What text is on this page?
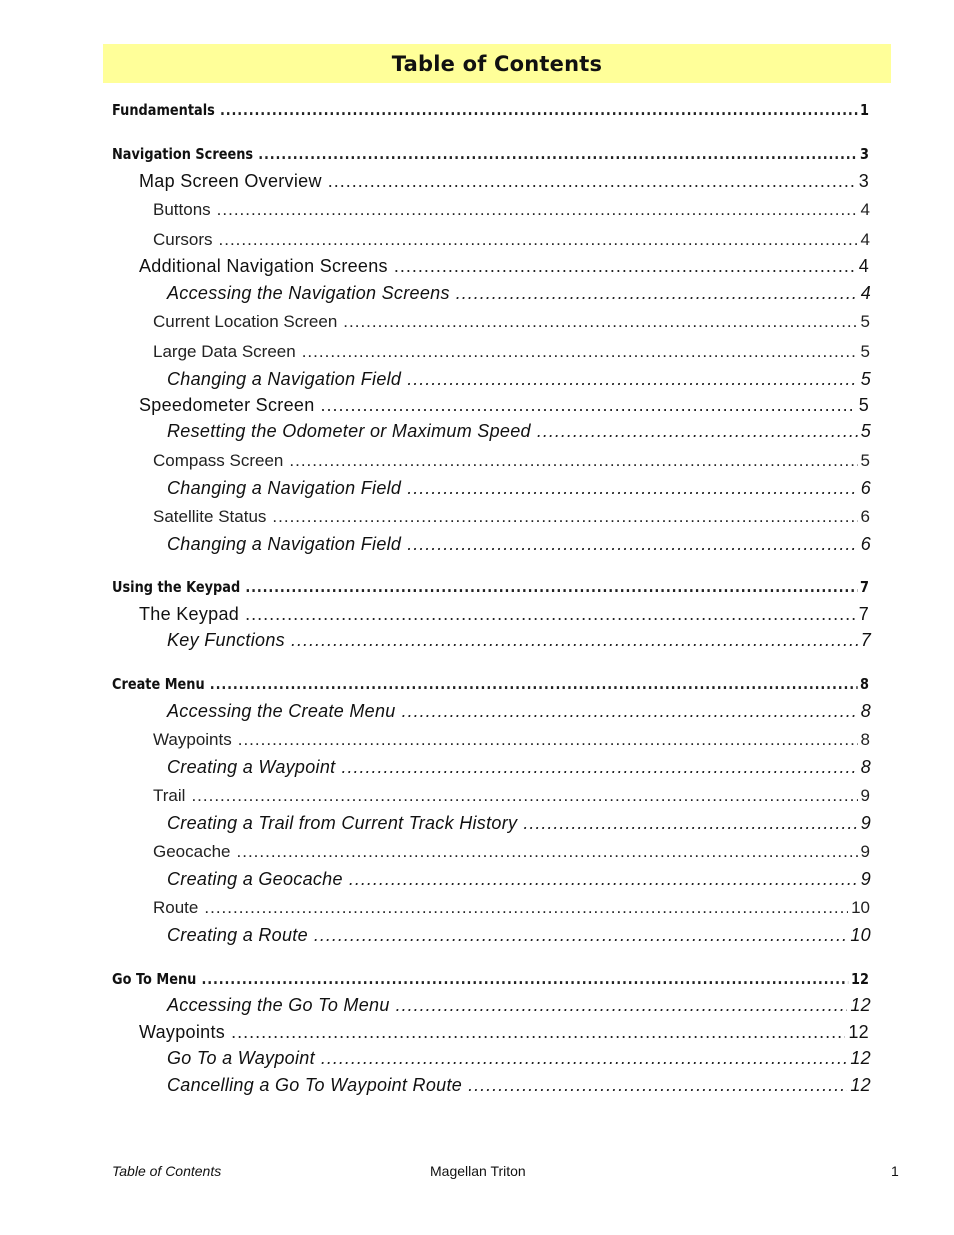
Table of Contents
Fundamentals .....	1
Navigation Screens .....	3
Map Screen Overview .....	3
Buttons .....	4
Cursors .....	4
Additional Navigation Screens .....	4
Accessing the Navigation Screens .....	4
Current Location Screen .....	5
Large Data Screen .....	5
Changing a Navigation Field .....	5
Speedometer Screen .....	5
Resetting the Odometer or Maximum Speed .....	5
Compass Screen .....	5
Changing a Navigation Field .....	6
Satellite Status .....	6
Changing a Navigation Field .....	6
Using the Keypad .....	7
The Keypad .....	7
Key Functions .....	7
Create Menu .....	8
Accessing the Create Menu .....	8
Waypoints .....	8
Creating a Waypoint .....	8
Trail .....	9
Creating a Trail from Current Track History .....	9
Geocache .....	9
Creating a Geocache .....	9
Route .....	10
Creating a Route .....	10
Go To Menu .....	12
Accessing the Go To Menu .....	12
Waypoints .....	12
Go To a Waypoint .....	12
Cancelling a Go To Waypoint Route .....	12
Table of Contents	Magellan Triton	1
